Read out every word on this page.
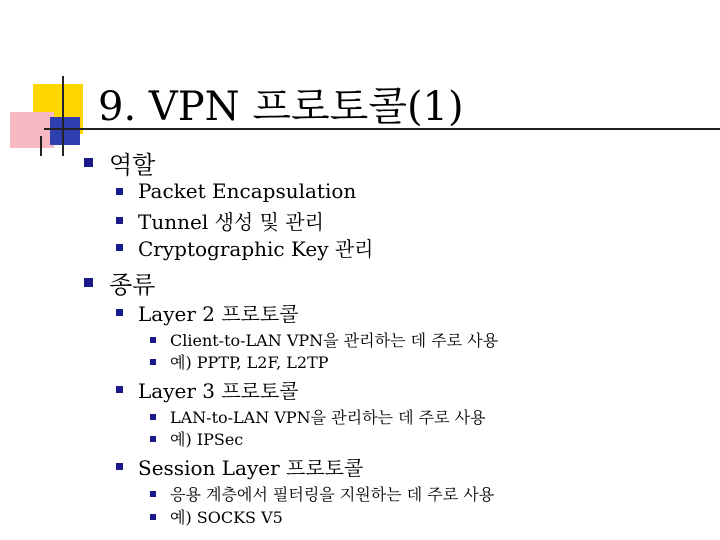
9. VPN 프로토콜(1)
역할
Packet Encapsulation
Tunnel 생성 및 관리
Cryptographic Key 관리
종류
Layer 2 프로토콜
Client-to-LAN VPN을 관리하는 데 주로 사용
예) PPTP, L2F, L2TP
Layer 3 프로토콜
LAN-to-LAN VPN을 관리하는 데 주로 사용
예) IPSec
Session Layer 프로토콜
응용 계층에서 필터링을 지원하는 데 주로 사용
예) SOCKS V5
